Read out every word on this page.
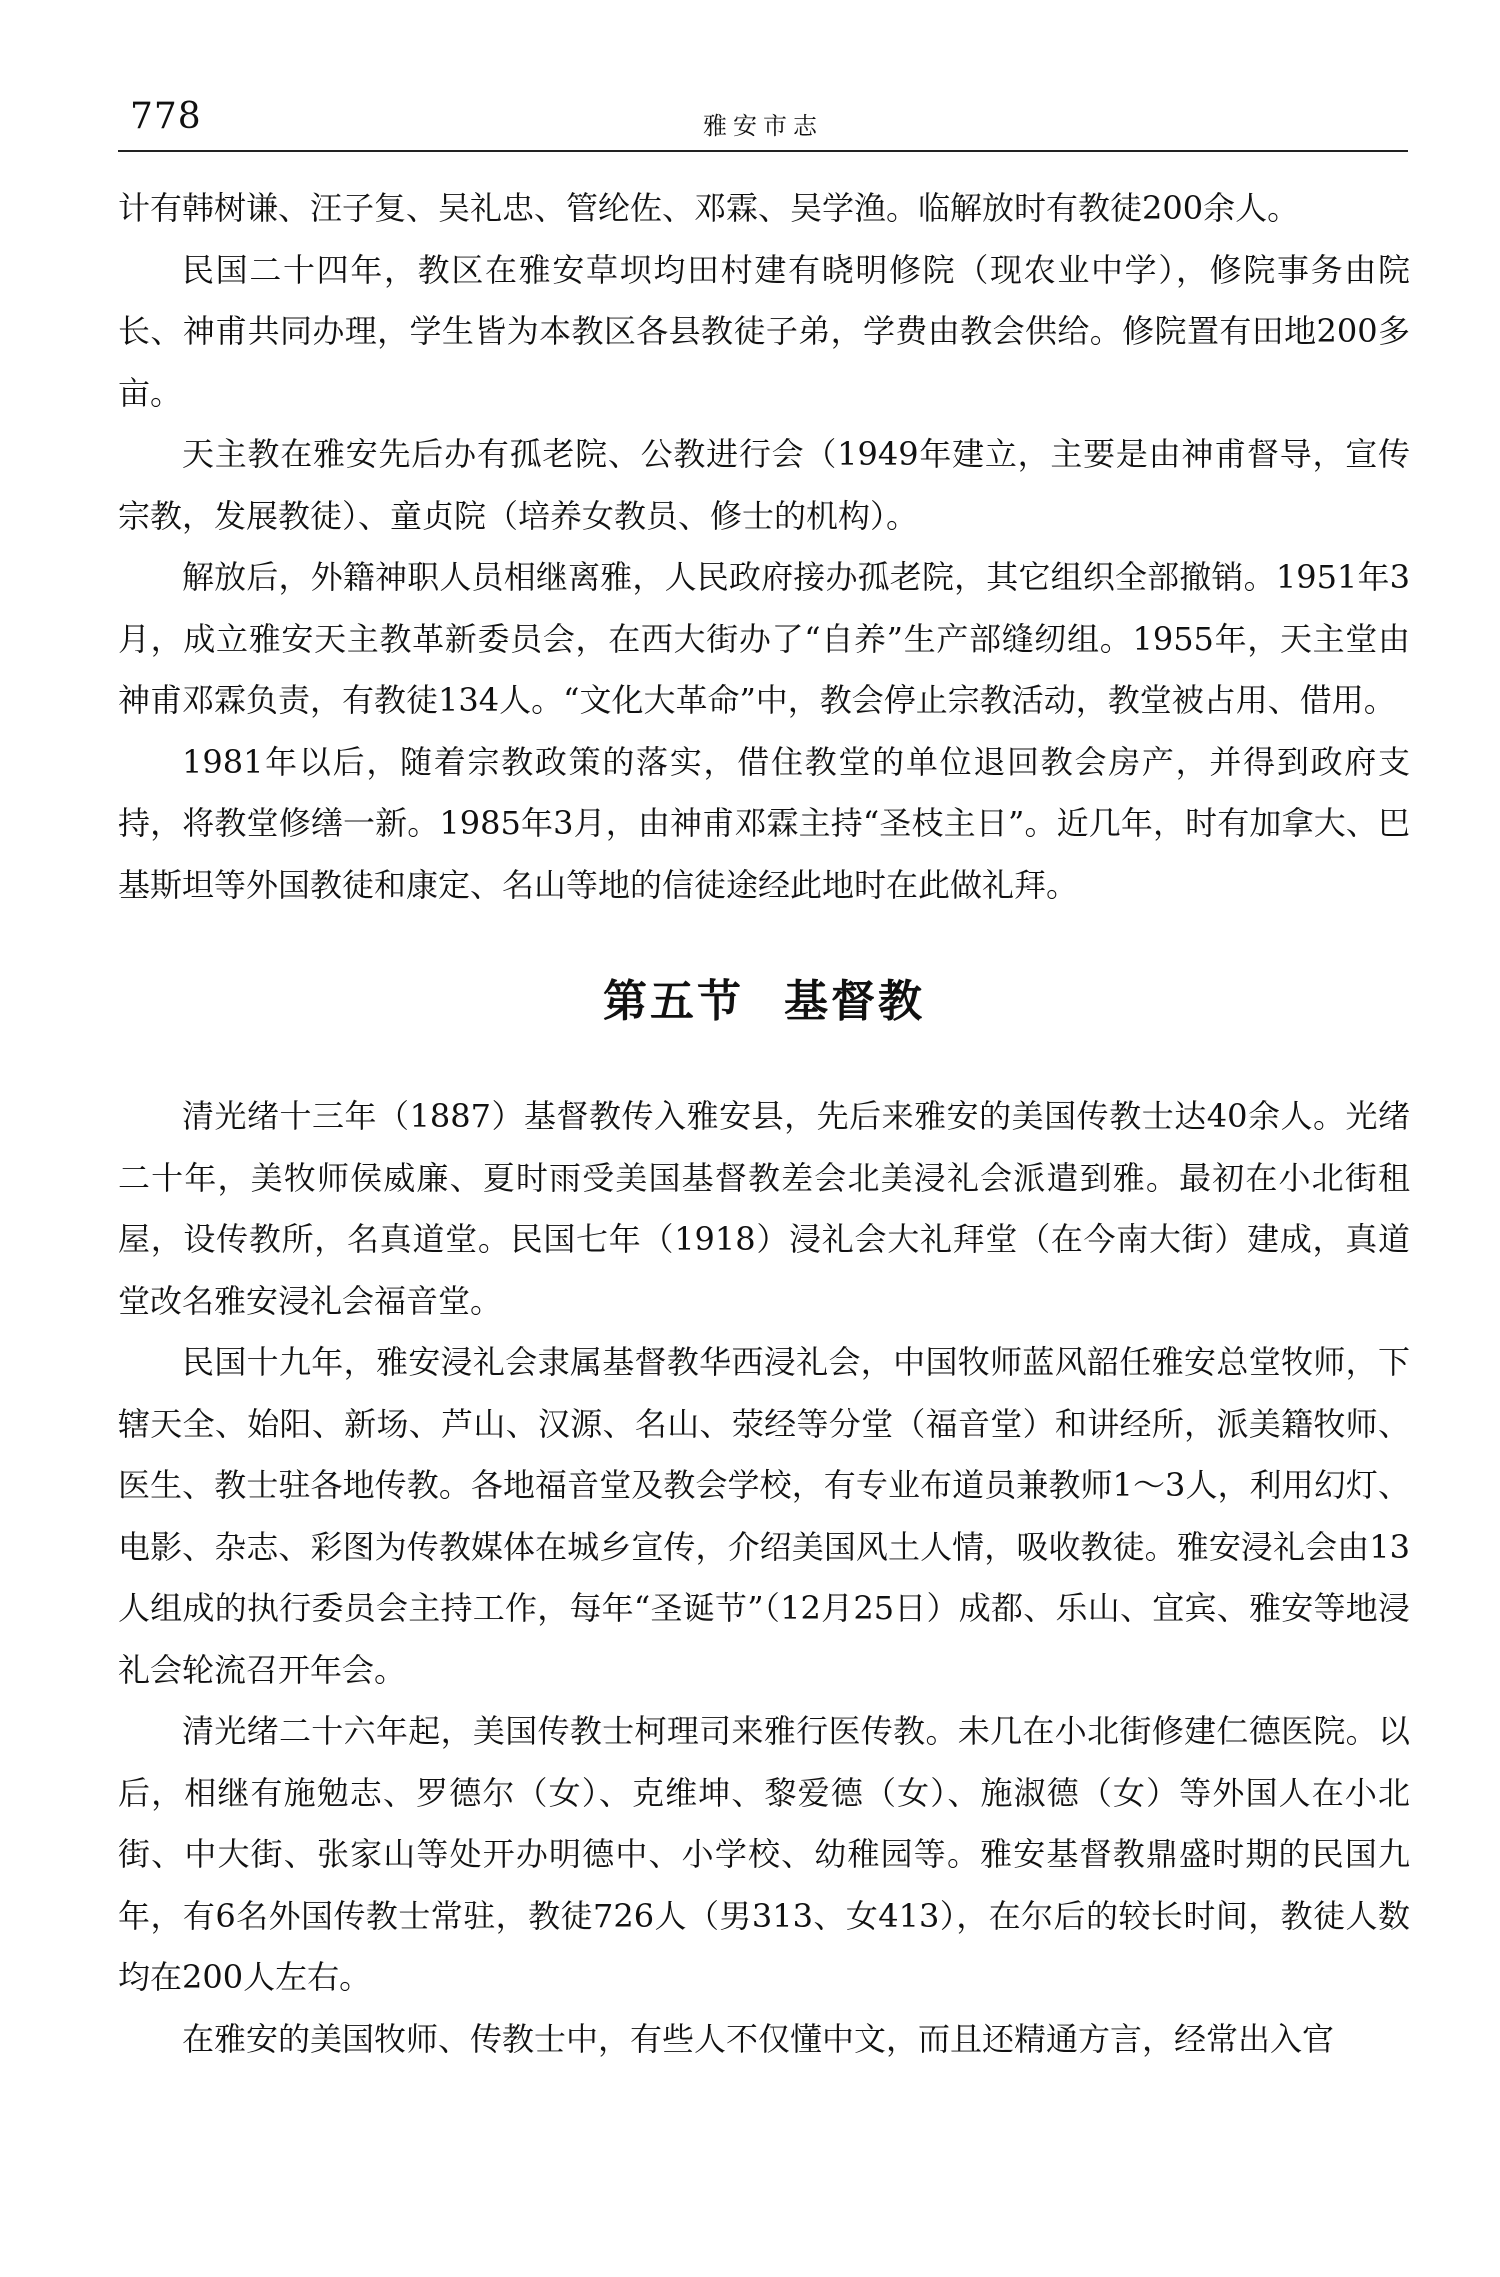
778	雅安市志

计有韩树谦、汪子复、吴礼忠、管纶佐、邓霖、吴学渔。临解放时有教徒200余人。

民国二十四年，教区在雅安草坝均田村建有晓明修院（现农业中学），修院事务由院长、神甫共同办理，学生皆为本教区各县教徒子弟，学费由教会供给。修院置有田地200多亩。

天主教在雅安先后办有孤老院、公教进行会（1949年建立，主要是由神甫督导，宣传宗教，发展教徒）、童贞院（培养女教员、修士的机构）。

解放后，外籍神职人员相继离雅，人民政府接办孤老院，其它组织全部撤销。1951年3月，成立雅安天主教革新委员会，在西大街办了“自养”生产部缝纫组。1955年，天主堂由神甫邓霖负责，有教徒134人。“文化大革命”中，教会停止宗教活动，教堂被占用、借用。

1981年以后，随着宗教政策的落实，借住教堂的单位退回教会房产，并得到政府支持，将教堂修缮一新。1985年3月，由神甫邓霖主持“圣枝主日”。近几年，时有加拿大、巴基斯坦等外国教徒和康定、名山等地的信徒途经此地时在此做礼拜。

第五节 基督教

清光绪十三年（1887）基督教传入雅安县，先后来雅安的美国传教士达40余人。光绪二十年，美牧师侯威廉、夏时雨受美国基督教差会北美浸礼会派遣到雅。最初在小北街租屋，设传教所，名真道堂。民国七年（1918）浸礼会大礼拜堂（在今南大街）建成，真道堂改名雅安浸礼会福音堂。

民国十九年，雅安浸礼会隶属基督教华西浸礼会，中国牧师蓝风韶任雅安总堂牧师，下辖天全、始阳、新场、芦山、汉源、名山、荥经等分堂（福音堂）和讲经所，派美籍牧师、医生、教士驻各地传教。各地福音堂及教会学校，有专业布道员兼教师1～3人，利用幻灯、电影、杂志、彩图为传教媒体在城乡宣传，介绍美国风土人情，吸收教徒。雅安浸礼会由13人组成的执行委员会主持工作，每年“圣诞节”（12月25日）成都、乐山、宜宾、雅安等地浸礼会轮流召开年会。

清光绪二十六年起，美国传教士柯理司来雅行医传教。未几在小北街修建仁德医院。以后，相继有施勉志、罗德尔（女）、克维坤、黎爱德（女）、施淑德（女）等外国人在小北街、中大街、张家山等处开办明德中、小学校、幼稚园等。雅安基督教鼎盛时期的民国九年，有6名外国传教士常驻，教徒726人（男313、女413），在尔后的较长时间，教徒人数均在200人左右。

在雅安的美国牧师、传教士中，有些人不仅懂中文，而且还精通方言，经常出入官
